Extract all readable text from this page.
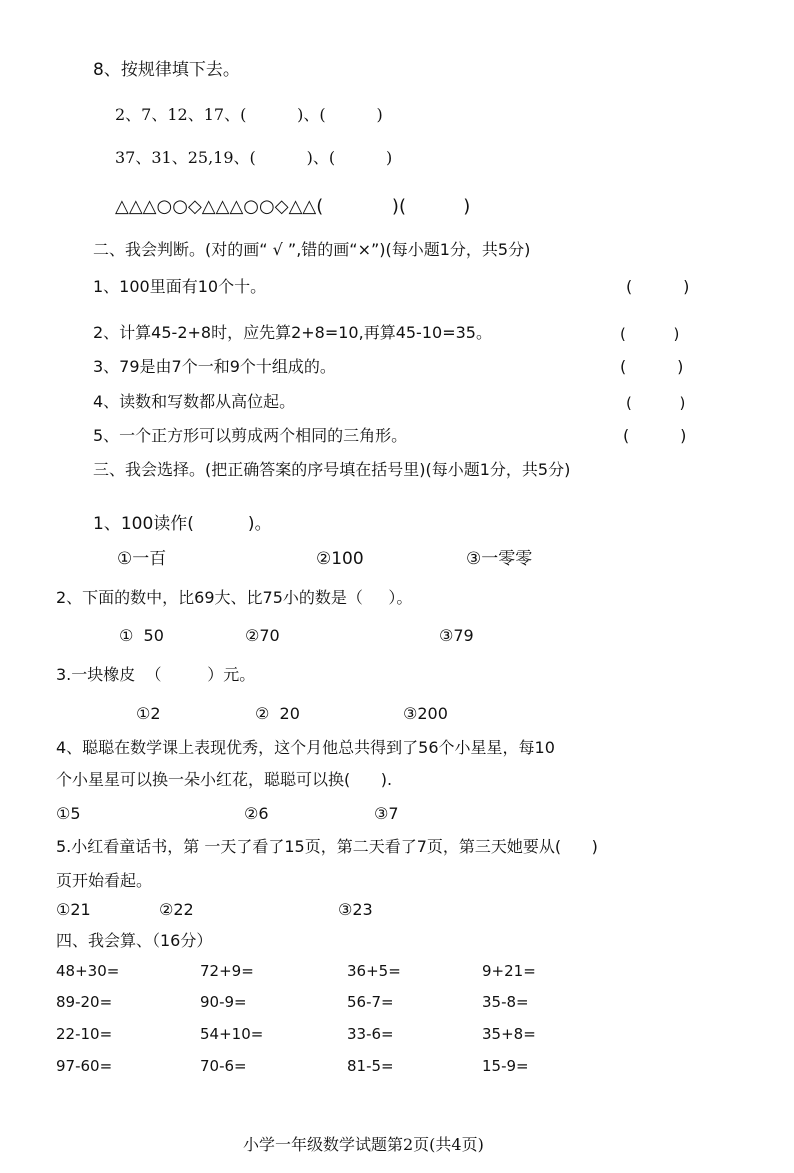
8、按规律填下去。
2、7、12、17、(          )、(          )
37、31、25,19、(          )、(          )
△△△○○◇△△△○○◇△△(            )(          )
二、我会判断。(对的画“ √ ”,错的画“×”)(每小题1分，共5分)
1、100里面有10个十。	(          )
2、计算45-2+8时，应先算2+8=10,再算45-10=35。	(          )
3、79是由7个一和9个十组成的。	(          )
4、读数和写数都从高位起。	(          )
5、一个正方形可以剪成两个相同的三角形。	(          )
三、我会选择。(把正确答案的序号填在括号里)(每小题1分，共5分)
1、100读作(          )。
①一百	②100	③一零零
2、下面的数中，比69大、比75小的数是（     ）。
①  50	②70	③79
3.一块橡皮  （         ）元。
①2	②  20	③200
4、聪聪在数学课上表现优秀，这个月他总共得到了56个小星星，每10
个小星星可以换一朵小红花，聪聪可以换(      ).
①5	②6	③7
5.小红看童话书，第 一天了看了15页，第二天看了7页，第三天她要从(      )
页开始看起。
①21	②22	③23
四、我会算、（16分）
48+30=	72+9=	36+5=	9+21=
89-20=	90-9=	56-7=	35-8=
22-10=	54+10=	33-6=	35+8=
97-60=	70-6=	81-5=	15-9=
小学一年级数学试题第2页(共4页)
